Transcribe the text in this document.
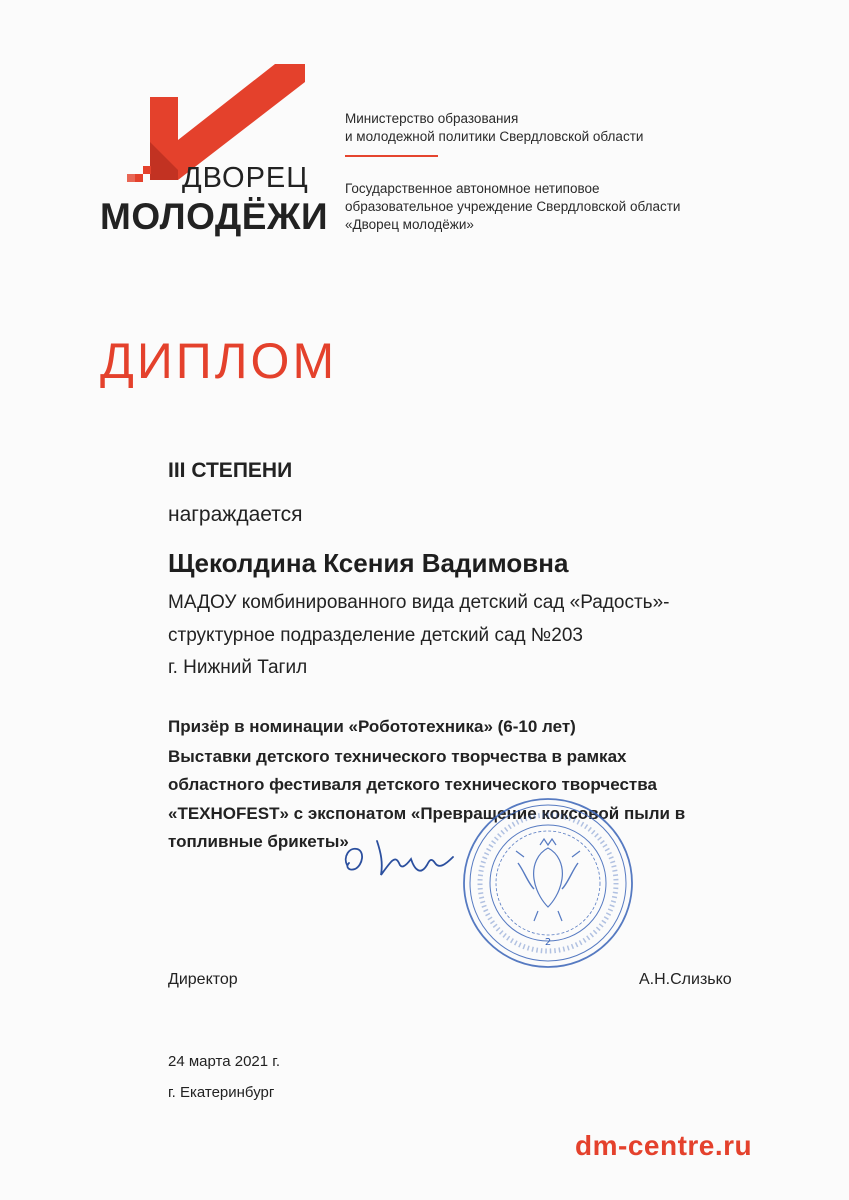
ДВОРЕЦ
МОЛОДЁЖИ
Министерство образования
и молодежной политики Свердловской области
Государственное автономное нетиповое
образовательное учреждение Свердловской области
«Дворец молодёжи»
ДИПЛОМ
III СТЕПЕНИ
награждается
Щеколдина Ксения Вадимовна
МАДОУ комбинированного вида детский сад «Радость»-
структурное подразделение детский сад №203
г. Нижний Тагил
Призёр в номинации «Робототехника» (6-10 лет)
Выставки детского технического творчества в рамках
областного фестиваля детского технического творчества
«TEXHOFEST» с экспонатом «Превращение коксовой пыли в
топливные брикеты»
2
Директор	А.Н.Слизько
24 марта 2021 г.
г. Екатеринбург
dm-centre.ru
